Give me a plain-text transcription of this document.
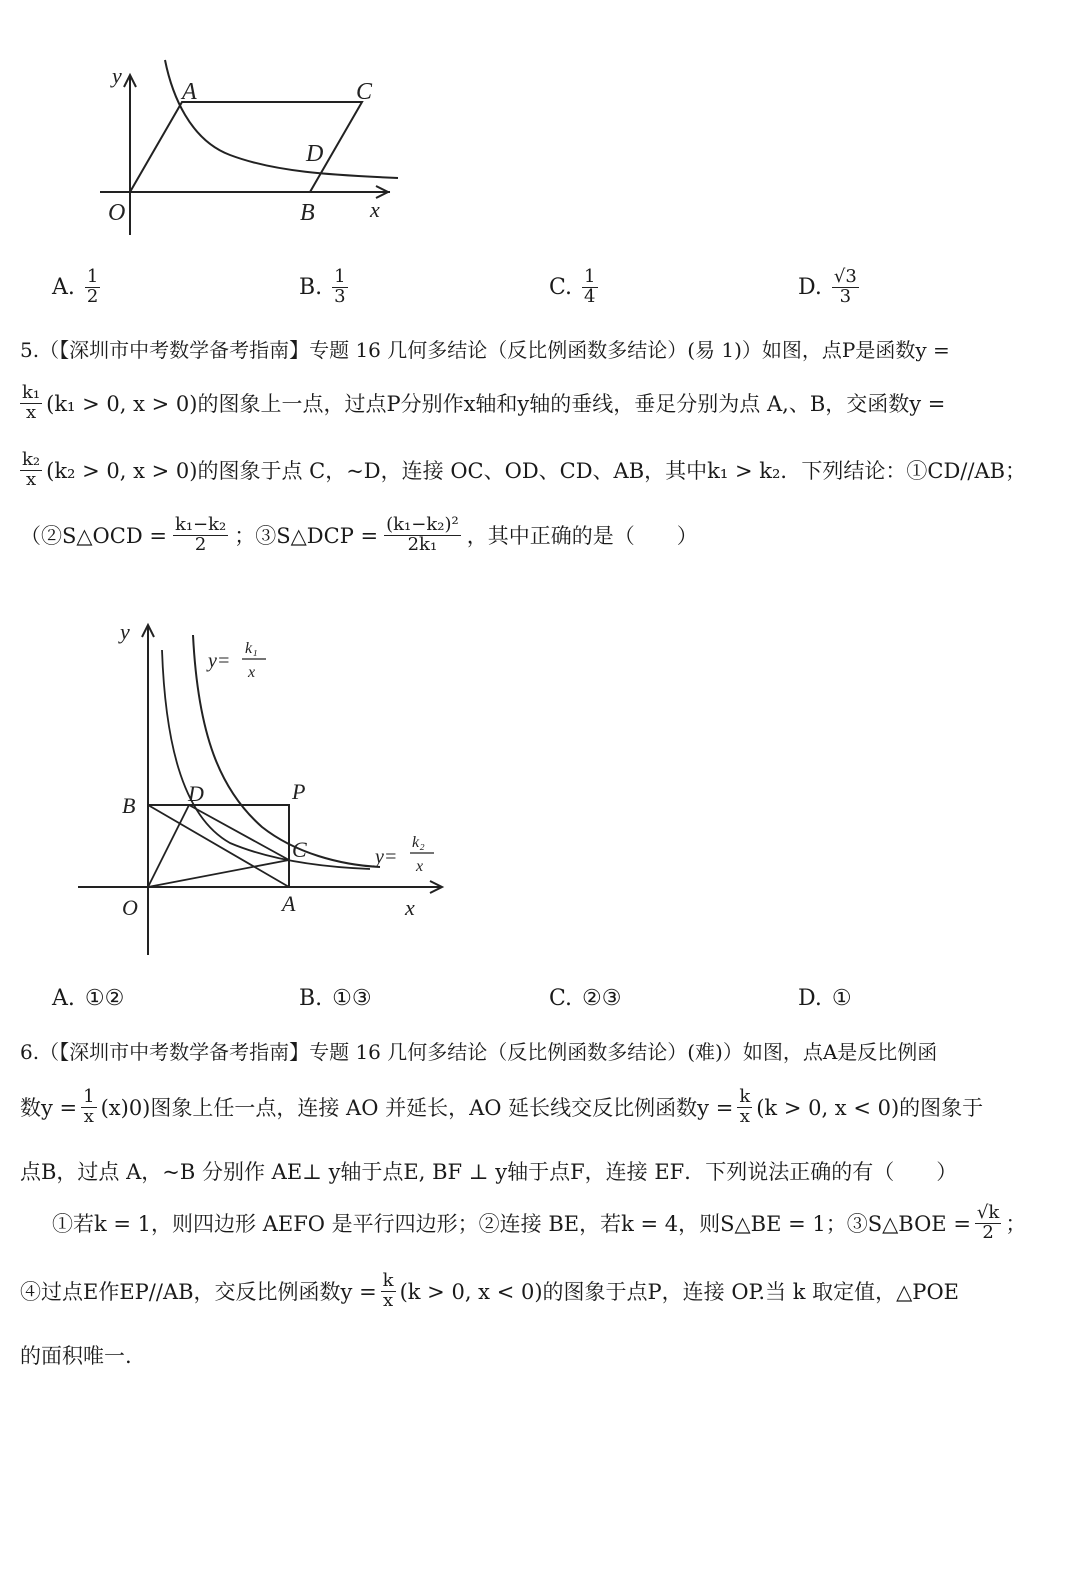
y
O
A	C
D
B	x
A. $\frac{1}{2}$	B. $\frac{1}{3}$	C. $\frac{1}{4}$	D. $\frac{√3}{3}$
5.（【深圳市中考数学备考指南】专题 16 几何多结论（反比例函数多结论）(易 1)）如图，点P是函数y =
$\frac{\text{k₁}}{x} (k_1 > 0$, x > 0)的图象上一点，过点P分别作x轴和y轴的垂线，垂足分别为点 A,、B，交函数y =
$\frac{\text{k₂}}{x} (k_2 > 0$, x > 0)的图象于点 C，~D，连接 OC、OD、CD、AB，其中k₁ > k₂．下列结论：①CD//AB；
（②S△OCD = $\frac{\text{k₁−k₂}}{2}$ ；③S△DCP = $\frac{\text{(k₁−k₂)²}}{\text{2k₁}}$ ，其中正确的是（　　）
y
O
B D	P
C
A	x
y=
k₁
x
y=
k₂
x
A. ①②	B. ①③	C. ②③	D. ①
6.（【深圳市中考数学备考指南】专题 16 几何多结论（反比例函数多结论）(难)）如图，点A是反比例函
数$y = \frac{1}{x} (x)0$)图象上任一点，连接 AO 并延长，AO 延长线交反比例函数$y = \frac{k}{x} (k > 0$, x < 0)的图象于
点B，过点 A，~B 分别作 AE⊥ y轴于点E, BF ⊥ y轴于点F，连接 EF．下列说法正确的有（　　）
①若k = 1，则四边形 AEFO 是平行四边形；②连接 BE，若k = 4，则S△BE = 1；③S△BOE = $\frac{√k}{2}$ ；
④过点E作EP//AB，交反比例函数$y = \frac{k}{x} (k > 0$, x < 0)的图象于点P，连接 OP.当 k 取定值，△POE
的面积唯一.
